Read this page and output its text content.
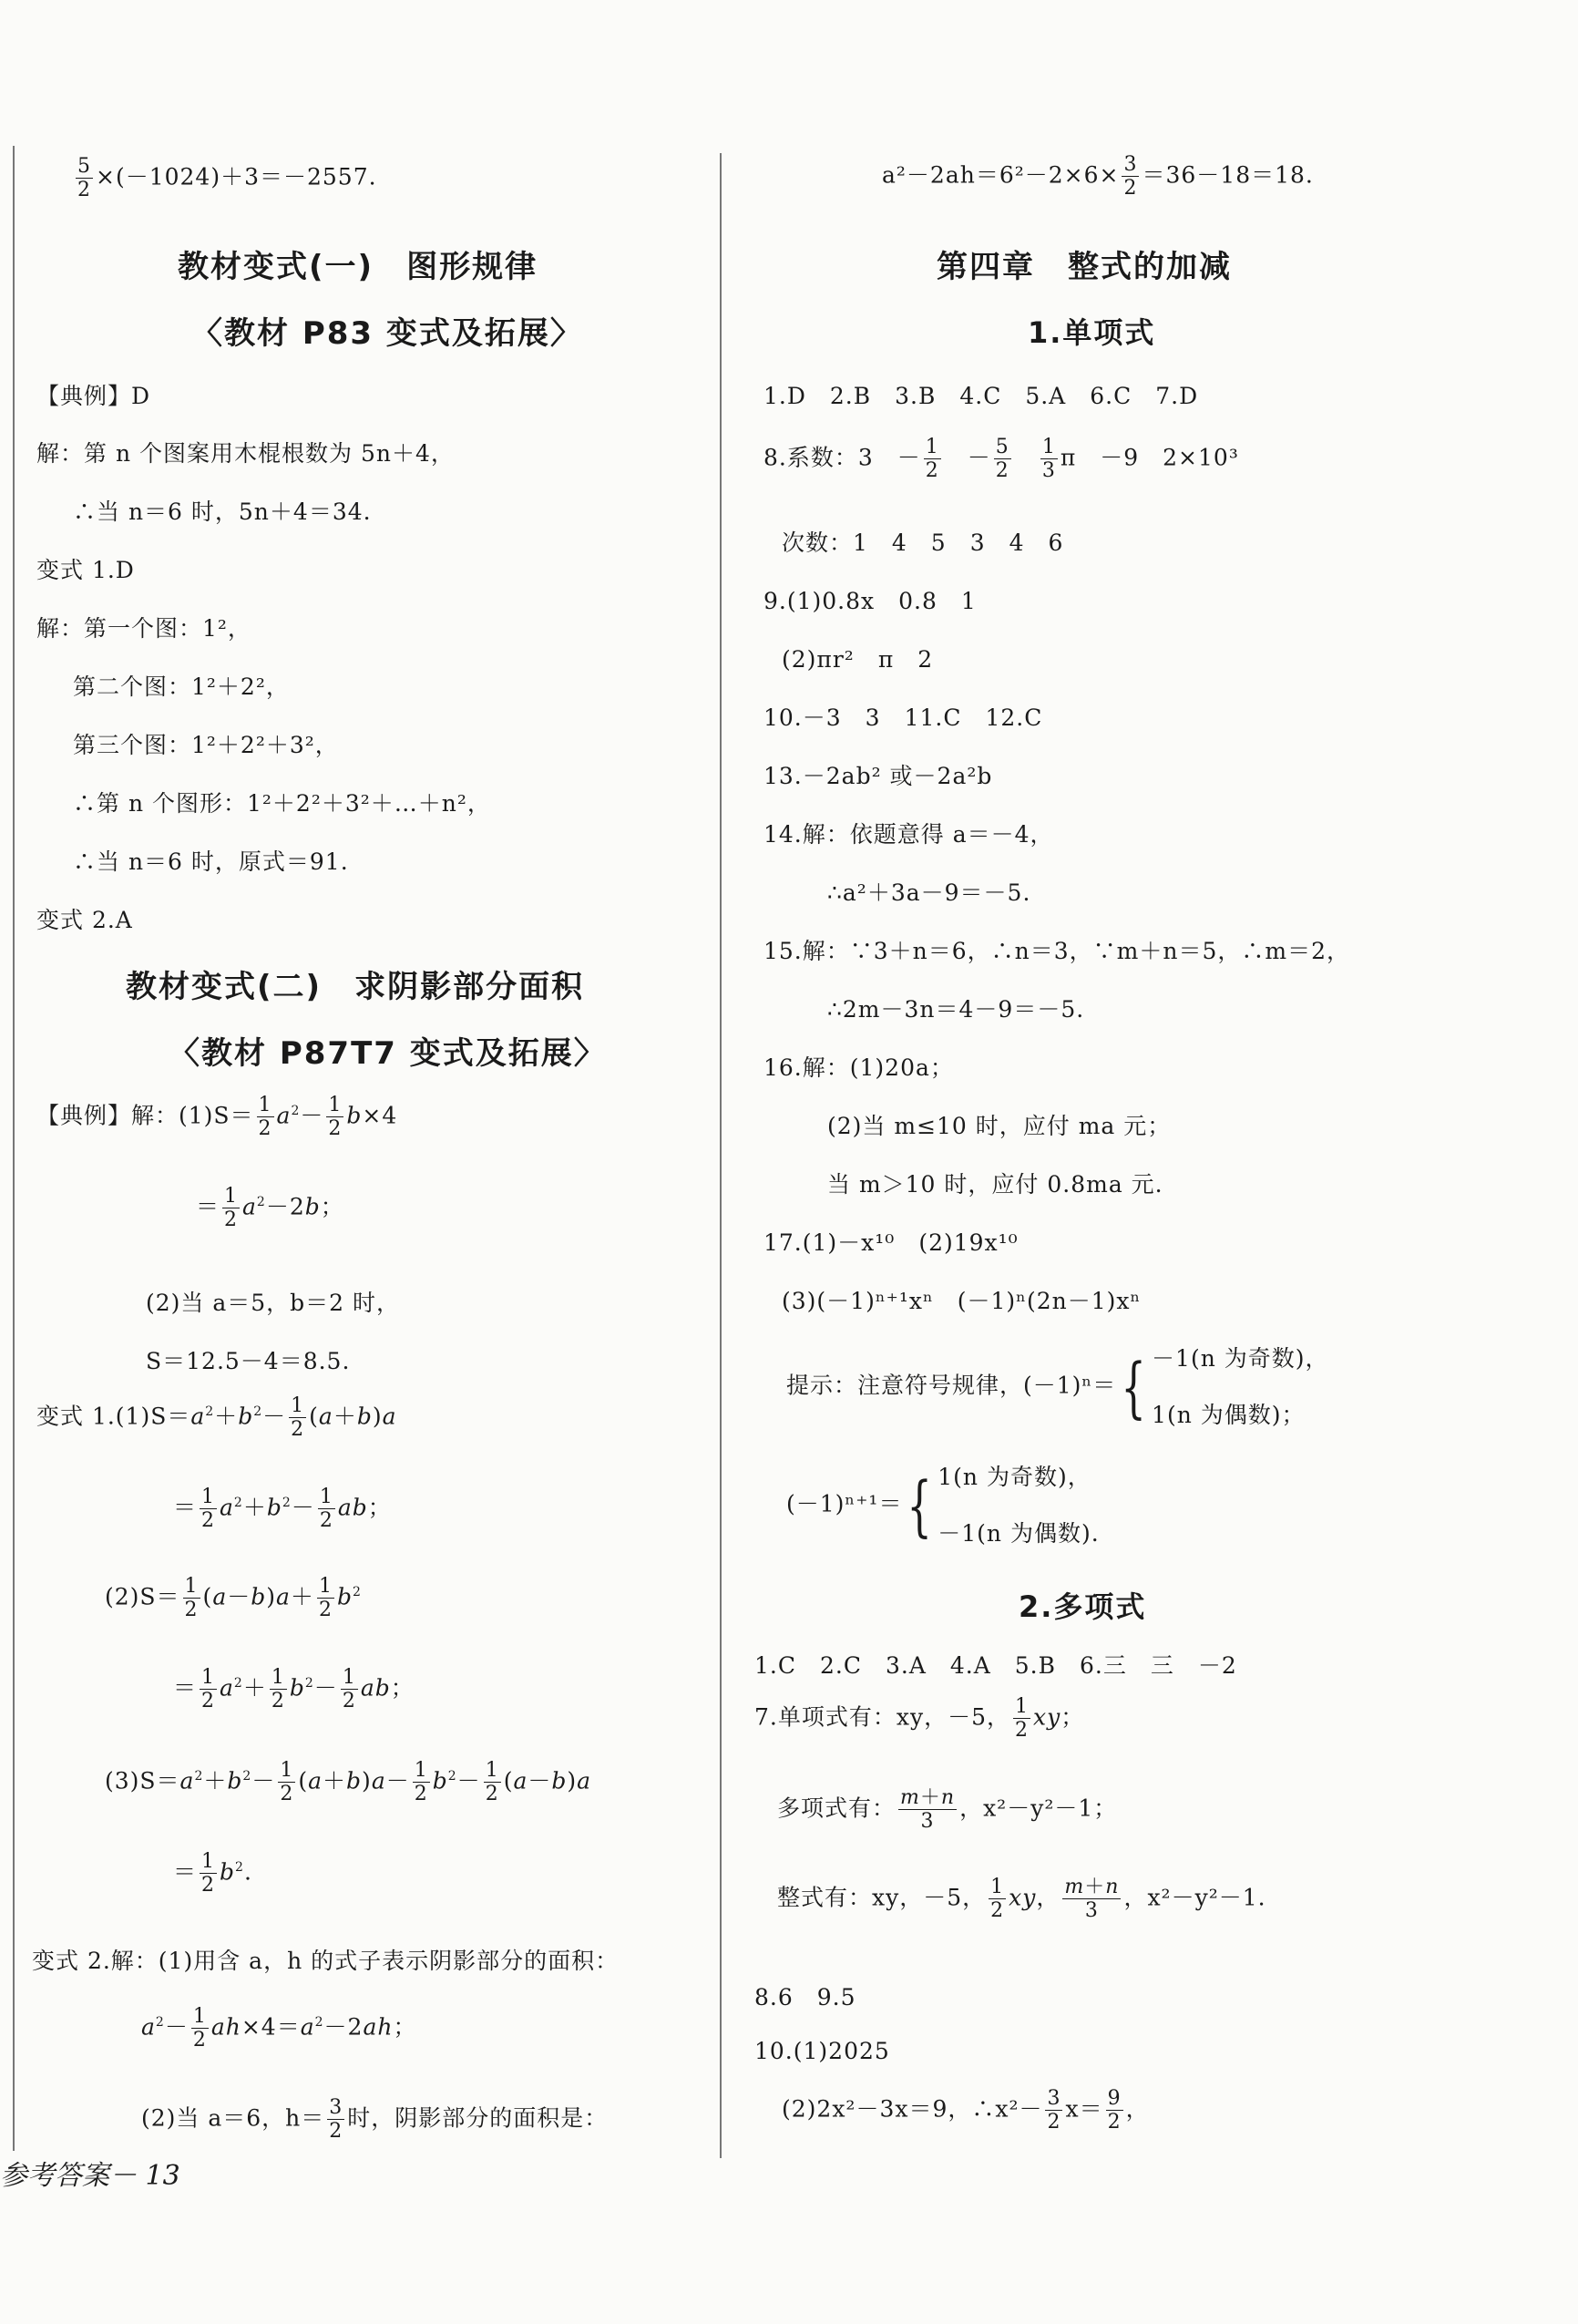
$\frac{5}{2} \times(-1024)+3=-2557$.
教材变式(一)　图形规律
〈教材 P83 变式及拓展〉
【典例】D
解：第 n 个图案用木棍根数为 5n＋4，
∴当 n＝6 时，5n＋4＝34.
变式 1.D
解：第一个图：1²，
第二个图：1²＋2²，
第三个图：1²＋2²＋3²，
∴第 n 个图形：1²＋2²＋3²＋…＋n²，
∴当 n＝6 时，原式＝91.
变式 2.A
教材变式(二)　求阴影部分面积
〈教材 P87T7 变式及拓展〉
【典例】解：$(1)S= \frac{1}{2} a^2- \frac{1}{2} b\times 4$
＝ $\frac{1}{2} a^2-2b$；
(2)当 a＝5，b＝2 时，
S＝12.5－4＝8.5.
变式 $1.(1)S=a^2+b^2- \frac{1}{2} (a+b)a$
＝ $\frac{1}{2} a^2+b^2- \frac{1}{2}$ ab；
$(2)S= \frac{1}{2} (a-b)a+ \frac{1}{2} b^2$
＝ $\frac{1}{2} a^2+ \frac{1}{2} b^2- \frac{1}{2}$ ab；
$(3)S=a^2+b^2- \frac{1}{2} (a+b)a- \frac{1}{2} b^2- \frac{1}{2} (a-b)a$
＝ $\frac{1}{2} b^2$.
变式 2.解：(1)用含 a，h 的式子表示阴影部分的面积：
$a^2- \frac{1}{2} ah\times 4=a^2-2ah$；
(2)当 a＝6，$h= \frac{3}{2}$ 时，阴影部分的面积是：
$a^2-2ah=6^2-2\times 6\times \frac{3}{2} =36-18=18$.
第四章　整式的加减
1.单项式
1.D　2.B　3.B　4.C　5.A　6.C　7.D
8.系数：3　－ $\frac{1}{2}$ 　－ $\frac{5}{2}$
　 $\frac{1}{3}$ π　－9　2×10³
次数：1　4　5　3　4　6
9.(1)0.8x　0.8　1
(2)πr²　π　2
10.－3　3　11.C　12.C
13.－2ab² 或－2a²b
14.解：依题意得 a＝－4，
∴a²＋3a－9＝－5.
15.解：∵3＋n＝6，∴n＝3，∵m＋n＝5，∴m＝2，
∴2m－3n＝4－9＝－5.
16.解：(1)20a；
(2)当 m≤10 时，应付 ma 元；
当 m＞10 时，应付 0.8ma 元.
17.(1)－x¹⁰　(2)19x¹⁰
(3)(－1)ⁿ⁺¹xⁿ　(－1)ⁿ(2n－1)xⁿ
提示：注意符号规律，(－1)ⁿ＝{ －1(n 为奇数)，
1(n 为偶数)；
(－1)ⁿ⁺¹＝{ 1(n 为奇数)，
－1(n 为偶数).
2.多项式
1.C　2.C　3.A　4.A　5.B　6.三　三　－2
7.单项式有：xy，－5， $\frac{1}{2}$ xy；
多项式有： $\frac{m+n}{3}$ ，x²－y²－1；
整式有：xy，－5， $\frac{1}{2}$ xy， $\frac{m+n}{3}$ ，x²－y²－1.
8.6　9.5
10.(1)2025
(2)2x²－3x＝9，∴x²－ $\frac{3}{2} x= \frac{9}{2}$ ，
参考答案－ 13
